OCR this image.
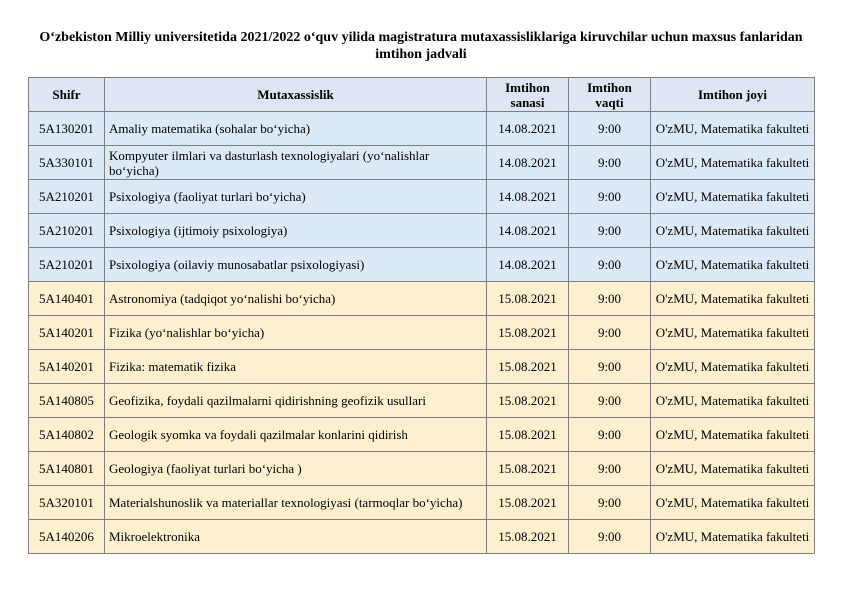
O‘zbekiston Milliy universitetida 2021/2022 o‘quv yilida magistratura mutaxassisliklariga kiruvchilar uchun maxsus fanlaridan imtihon jadvali
Shifr	Mutaxassislik	Imtihon sanasi	Imtihon vaqti	Imtihon joyi
5A130201	Amaliy matematika (sohalar bo‘yicha)	14.08.2021	9:00	O'zMU, Matematika fakulteti
5A330101	Kompyuter ilmlari va dasturlash texnologiyalari (yo‘nalishlar bo‘yicha)	14.08.2021	9:00	O'zMU, Matematika fakulteti
5A210201	Psixologiya (faoliyat turlari bo‘yicha)	14.08.2021	9:00	O'zMU, Matematika fakulteti
5A210201	Psixologiya (ijtimoiy psixologiya)	14.08.2021	9:00	O'zMU, Matematika fakulteti
5A210201	Psixologiya (oilaviy munosabatlar psixologiyasi)	14.08.2021	9:00	O'zMU, Matematika fakulteti
5A140401	Astronomiya (tadqiqot yo‘nalishi bo‘yicha)	15.08.2021	9:00	O'zMU, Matematika fakulteti
5A140201	Fizika (yo‘nalishlar bo‘yicha)	15.08.2021	9:00	O'zMU, Matematika fakulteti
5A140201	Fizika: matematik fizika	15.08.2021	9:00	O'zMU, Matematika fakulteti
5A140805	Geofizika, foydali qazilmalarni qidirishning geofizik usullari	15.08.2021	9:00	O'zMU, Matematika fakulteti
5A140802	Geologik syomka va foydali qazilmalar konlarini qidirish	15.08.2021	9:00	O'zMU, Matematika fakulteti
5A140801	Geologiya (faoliyat turlari bo‘yicha )	15.08.2021	9:00	O'zMU, Matematika fakulteti
5A320101	Materialshunoslik va materiallar texnologiyasi (tarmoqlar bo‘yicha)	15.08.2021	9:00	O'zMU, Matematika fakulteti
5A140206	Mikroelektronika	15.08.2021	9:00	O'zMU, Matematika fakulteti
